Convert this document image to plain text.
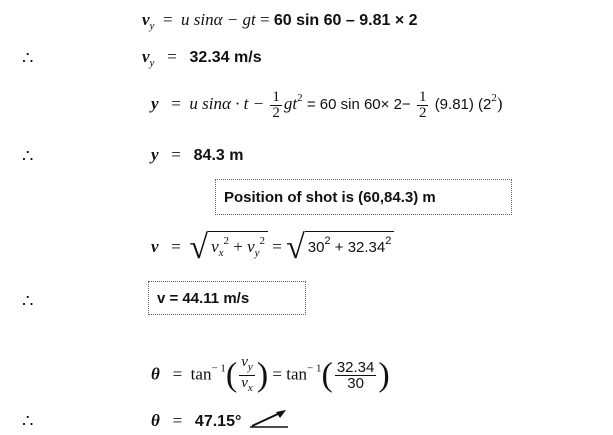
$v_y = u$ sinα − gt = 60 sin 60 – 9.81 × 2
∴	$v_y = 32.34$ m/s
y = u $\sin\alpha \cdot t - \frac{1}{2} gt^2 = 60$ $\sin 60\times 2- \frac{1}{2} (9.81)$ $(2^2)$
∴	y = 84.3 m
Position of shot is (60,84.3) m
v = √ $v_x^2 + v_y^2$ = √ $30^2 + 32.34^2$
∴	v = 44.11 m/s
$\theta = \tan^{- 1}( \frac{v_y}{v_x}$ ) = $\tan^{- 1}( \frac{32.34}{30}$ )
∴	θ = 47.15°
